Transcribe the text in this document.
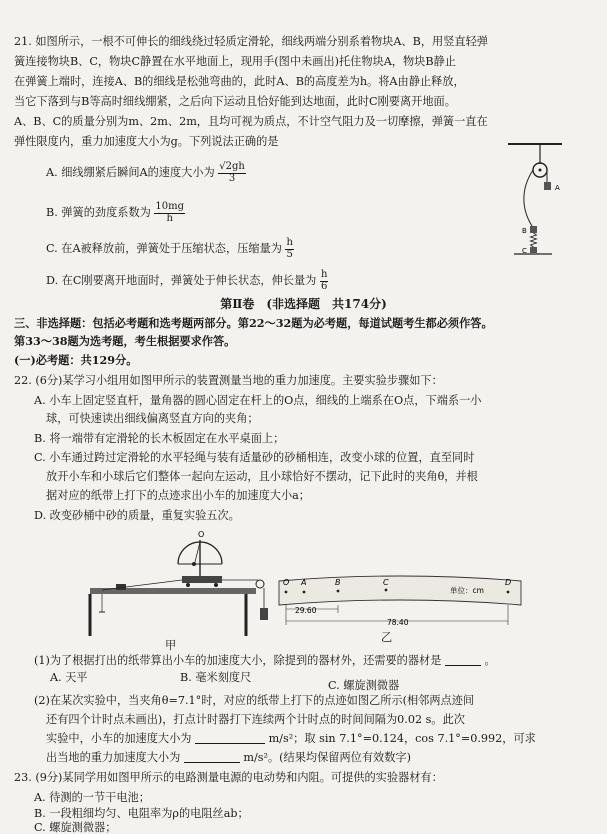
21. 如图所示，一根不可伸长的细线绕过轻质定滑轮，细线两端分别系着物块A、B，用竖直轻弹
簧连接物块B、C，物块C静置在水平地面上，现用手(图中未画出)托住物块A，物块B静止
在弹簧上端时，连接A、B的细线是松弛弯曲的，此时A、B的高度差为h。将A由静止释放，
当它下落到与B等高时细线绷紧，之后向下运动且恰好能到达地面，此时C刚要离开地面。
A、B、C的质量分别为m、2m、2m，且均可视为质点，不计空气阻力及一切摩擦，弹簧一直在
弹性限度内，重力加速度大小为g。下列说法正确的是
A. 细线绷紧后瞬间A的速度大小为 $\frac{√2gh}{3}$
B. 弹簧的劲度系数为 $\frac{10mg}{h}$
C. 在A被释放前，弹簧处于压缩状态，压缩量为 $\frac{h}{5}$
D. 在C刚要离开地面时，弹簧处于伸长状态，伸长量为 $\frac{h}{6}$
A
B
C
第Ⅱ卷　(非选择题　共174分)
三、非选择题：包括必考题和选考题两部分。第22～32题为必考题，每道试题考生都必须作答。
第33～38题为选考题，考生根据要求作答。
(一)必考题：共129分。
22. (6分)某学习小组用如图甲所示的装置测量当地的重力加速度。主要实验步骤如下：
A. 小车上固定竖直杆，量角器的圆心固定在杆上的O点，细线的上端系在O点，下端系一小
球，可快速读出细线偏离竖直方向的夹角；
B. 将一端带有定滑轮的长木板固定在水平桌面上；
C. 小车通过跨过定滑轮的水平轻绳与装有适量砂的砂桶相连，改变小球的位置，直至同时
放开小车和小球后它们整体一起向左运动，且小球恰好不摆动，记下此时的夹角θ，并根
据对应的纸带上打下的点迹求出小车的加速度大小a；
D. 改变砂桶中砂的质量，重复实验五次。
O
甲
O A	B	C	D
单位：cm
29.60
78.40
乙
(1)为了根据打出的纸带算出小车的加速度大小，除提到的器材外，还需要的器材是	。
A. 天平	B. 毫米刻度尺
C. 螺旋测微器
(2)在某次实验中，当夹角θ=7.1°时，对应的纸带上打下的点迹如图乙所示(相邻两点迹间
还有四个计时点未画出)，打点计时器打下连续两个计时点的时间间隔为0.02 s。此次
实验中，小车的加速度大小为	m/s²；取 sin 7.1°=0.124，cos 7.1°=0.992，可求
出当地的重力加速度大小为	m/s²。(结果均保留两位有效数字)
23. (9分)某同学用如图甲所示的电路测量电源的电动势和内阻。可提供的实验器材有：
A. 待测的一节干电池；
B. 一段粗细均匀、电阻率为ρ的电阻丝ab；
C. 螺旋测微器；
